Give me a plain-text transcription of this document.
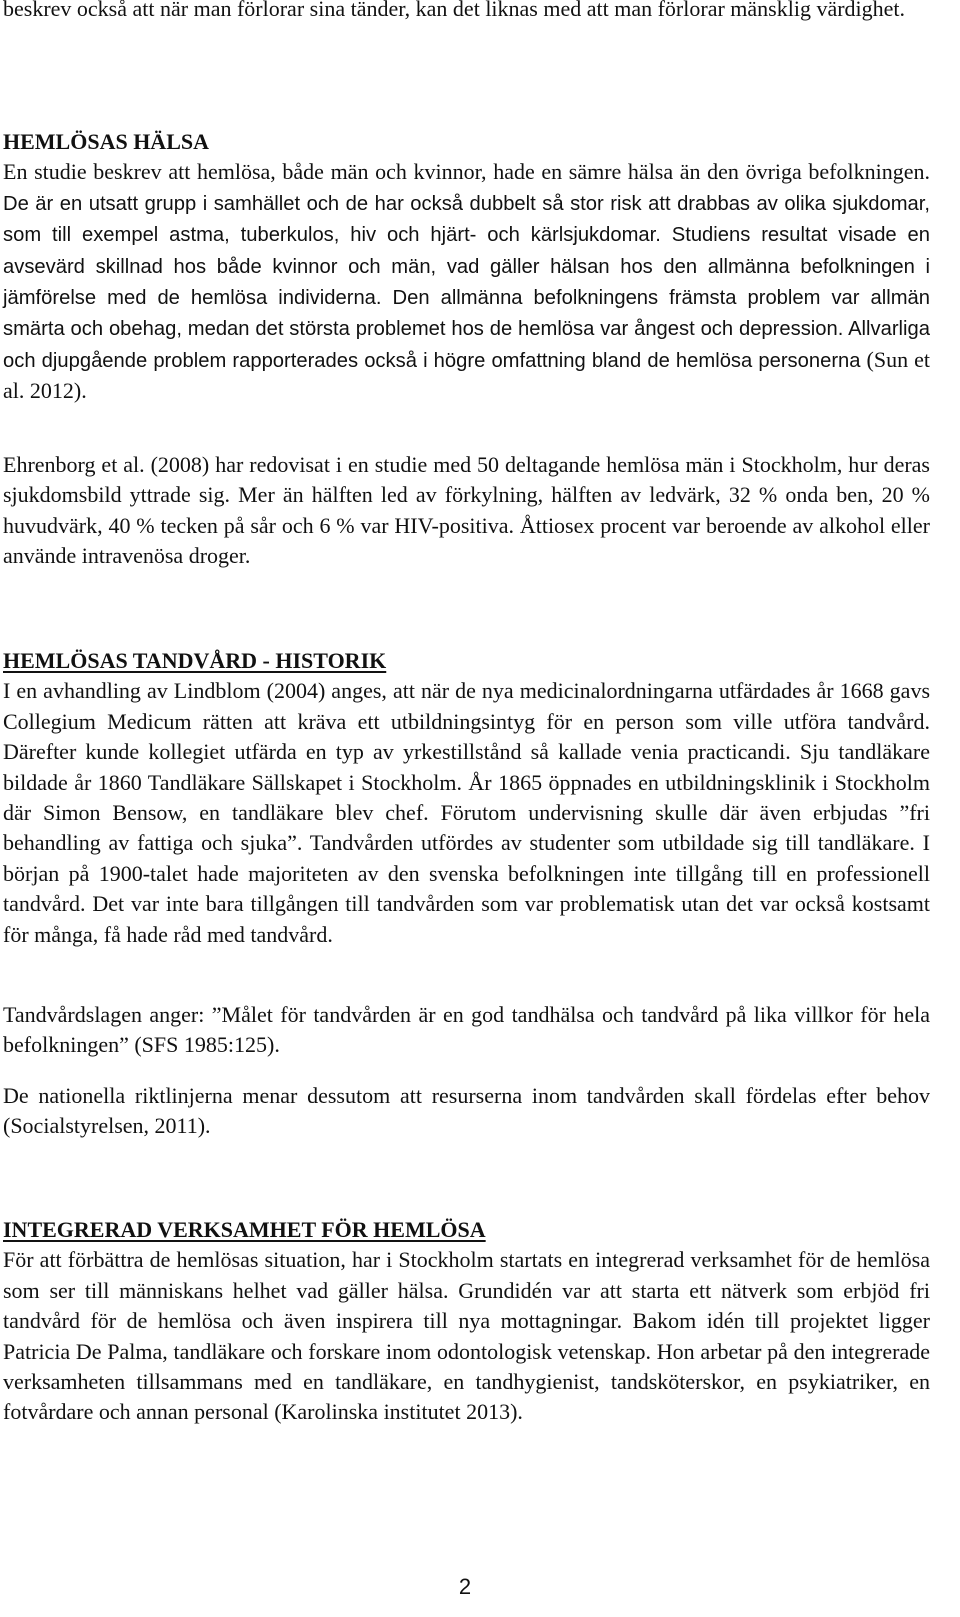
beskrev också att när man förlorar sina tänder, kan det liknas med att man förlorar mänsklig värdighet.

HEMLÖSAS HÄLSA

En studie beskrev att hemlösa, både män och kvinnor, hade en sämre hälsa än den övriga befolkningen. De är en utsatt grupp i samhället och de har också dubbelt så stor risk att drabbas av olika sjukdomar, som till exempel astma, tuberkulos, hiv och hjärt- och kärlsjukdomar. Studiens resultat visade en avsevärd skillnad hos både kvinnor och män, vad gäller hälsan hos den allmänna befolkningen i jämförelse med de hemlösa individerna. Den allmänna befolkningens främsta problem var allmän smärta och obehag, medan det största problemet hos de hemlösa var ångest och depression. Allvarliga och djupgående problem rapporterades också i högre omfattning bland de hemlösa personerna (Sun et al. 2012).

Ehrenborg et al. (2008) har redovisat i en studie med 50 deltagande hemlösa män i Stockholm, hur deras sjukdomsbild yttrade sig. Mer än hälften led av förkylning, hälften av ledvärk, 32 % onda ben, 20 % huvudvärk, 40 % tecken på sår och 6 % var HIV-positiva. Åttiosex procent var beroende av alkohol eller använde intravenösa droger.

HEMLÖSAS TANDVÅRD - HISTORIK

I en avhandling av Lindblom (2004) anges, att när de nya medicinalordningarna utfärdades år 1668 gavs Collegium Medicum rätten att kräva ett utbildningsintyg för en person som ville utföra tandvård. Därefter kunde kollegiet utfärda en typ av yrkestillstånd så kallade venia practicandi. Sju tandläkare bildade år 1860 Tandläkare Sällskapet i Stockholm. År 1865 öppnades en utbildningsklinik i Stockholm där Simon Bensow, en tandläkare blev chef. Förutom undervisning skulle där även erbjudas ”fri behandling av fattiga och sjuka”. Tandvården utfördes av studenter som utbildade sig till tandläkare. I början på 1900-talet hade majoriteten av den svenska befolkningen inte tillgång till en professionell tandvård. Det var inte bara tillgången till tandvården som var problematisk utan det var också kostsamt för många, få hade råd med tandvård.

Tandvårdslagen anger: ”Målet för tandvården är en god tandhälsa och tandvård på lika villkor för hela befolkningen” (SFS 1985:125).

De nationella riktlinjerna menar dessutom att resurserna inom tandvården skall fördelas efter behov (Socialstyrelsen, 2011).

INTEGRERAD VERKSAMHET FÖR HEMLÖSA

För att förbättra de hemlösas situation, har i Stockholm startats en integrerad verksamhet för de hemlösa som ser till människans helhet vad gäller hälsa. Grundidén var att starta ett nätverk som erbjöd fri tandvård för de hemlösa och även inspirera till nya mottagningar. Bakom idén till projektet ligger Patricia De Palma, tandläkare och forskare inom odontologisk vetenskap. Hon arbetar på den integrerade verksamheten tillsammans med en tandläkare, en tandhygienist, tandsköterskor, en psykiatriker, en fotvårdare och annan personal (Karolinska institutet 2013).

2
